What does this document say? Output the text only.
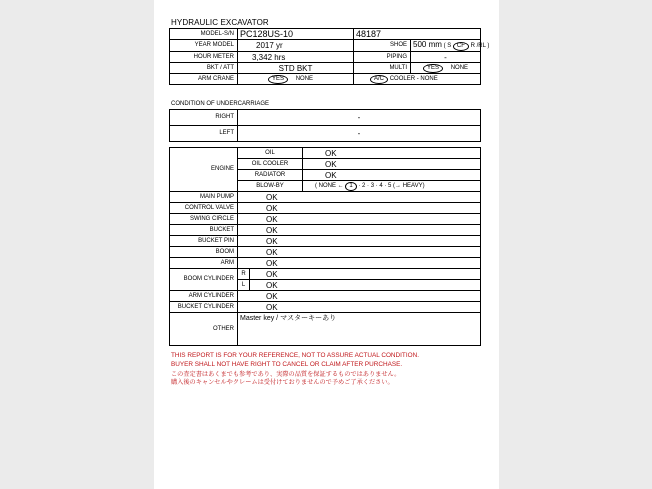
HYDRAULIC EXCAVATOR
MODEL-S/N	PC128US-10	48187	
YEAR MODEL	2017 yr	SHOE	500 mm ( S CF R /RL )
HOUR METER	3,342 hrs	PIPING	-
BKT / ATT	STD BKT	MULTI	YES NONE
ARM CRANE	YES NONE	A/C COOLER - NONE	
CONDITION OF UNDERCARRIAGE
RIGHT	-
LEFT	-
ENGINE	OIL		OK
	OIL COOLER		OK
	RADIATOR		OK
	BLOW-BY		( NONE ← 1 · 2 · 3 · 4 · 5 (→ HEAVY)
MAIN PUMP	OK		
CONTROL VALVE	OK		
SWING CIRCLE	OK		
BUCKET	OK		
BUCKET PIN	OK		
BOOM	OK		
ARM	OK		
BOOM CYLINDER	R	OK	
	L	OK	
ARM CYLINDER	OK		
BUCKET CYLINDER	OK		
OTHER	Master key / マスターキーあり		
THIS REPORT IS FOR YOUR REFERENCE, NOT TO ASSURE ACTUAL CONDITION.
BUYER SHALL NOT HAVE RIGHT TO CANCEL OR CLAIM AFTER PURCHASE.
この査定書はあくまでも参考であり、実際の品質を保証するものではありません。
購入後のキャンセルやクレームは受付けておりませんので予めご了承ください。
